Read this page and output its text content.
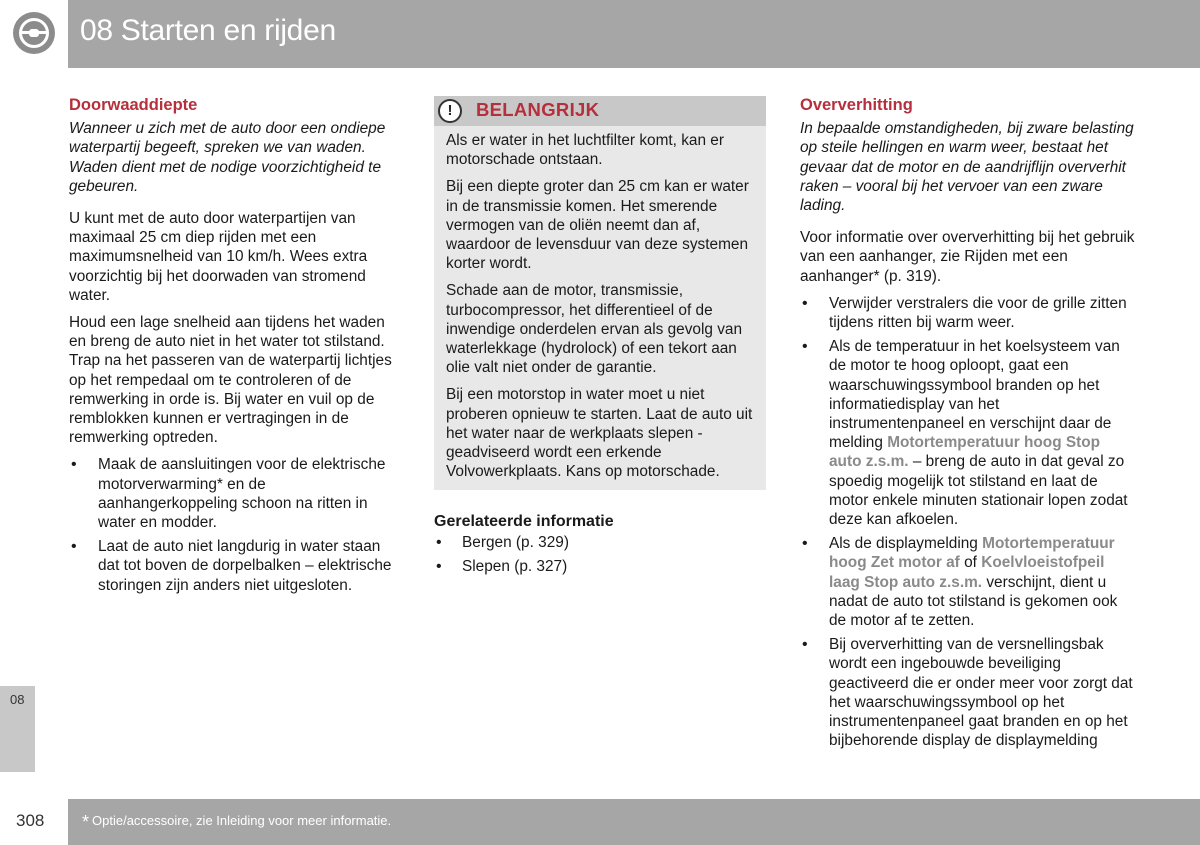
08 Starten en rijden
Doorwaaddiepte

Wanneer u zich met de auto door een ondiepe waterpartij begeeft, spreken we van waden. Waden dient met de nodige voorzichtigheid te gebeuren.

U kunt met de auto door waterpartijen van maximaal 25 cm diep rijden met een maximumsnelheid van 10 km/h. Wees extra voorzichtig bij het doorwaden van stromend water.

Houd een lage snelheid aan tijdens het waden en breng de auto niet in het water tot stilstand. Trap na het passeren van de waterpartij lichtjes op het rempedaal om te controleren of de remwerking in orde is. Bij water en vuil op de remblokken kunnen er vertragingen in de remwerking optreden.

• Maak de aansluitingen voor de elektrische motorverwarming* en de aanhangerkoppeling schoon na ritten in water en modder.
• Laat de auto niet langdurig in water staan dat tot boven de dorpelbalken – elektrische storingen zijn anders niet uitgesloten.
!	BELANGRIJK

Als er water in het luchtfilter komt, kan er motorschade ontstaan.

Bij een diepte groter dan 25 cm kan er water in de transmissie komen. Het smerende vermogen van de oliën neemt dan af, waardoor de levensduur van deze systemen korter wordt.

Schade aan de motor, transmissie, turbocompressor, het differentieel of de inwendige onderdelen ervan als gevolg van waterlekkage (hydrolock) of een tekort aan olie valt niet onder de garantie.

Bij een motorstop in water moet u niet proberen opnieuw te starten. Laat de auto uit het water naar de werkplaats slepen - geadviseerd wordt een erkende Volvowerkplaats. Kans op motorschade.

Gerelateerde informatie
• Bergen (p. 329)
• Slepen (p. 327)
Oververhitting

In bepaalde omstandigheden, bij zware belasting op steile hellingen en warm weer, bestaat het gevaar dat de motor en de aandrijflijn oververhit raken – vooral bij het vervoer van een zware lading.

Voor informatie over oververhitting bij het gebruik van een aanhanger, zie Rijden met een aanhanger* (p. 319).

• Verwijder verstralers die voor de grille zitten tijdens ritten bij warm weer.
• Als de temperatuur in het koelsysteem van de motor te hoog oploopt, gaat een waarschuwingssymbool branden op het informatiedisplay van het instrumentenpaneel en verschijnt daar de melding Motortemperatuur hoog Stop auto z.s.m. – breng de auto in dat geval zo spoedig mogelijk tot stilstand en laat de motor enkele minuten stationair lopen zodat deze kan afkoelen.
• Als de displaymelding Motortemperatuur hoog Zet motor af of Koelvloeistofpeil laag Stop auto z.s.m. verschijnt, dient u nadat de auto tot stilstand is gekomen ook de motor af te zetten.
• Bij oververhitting van de versnellingsbak wordt een ingebouwde beveiliging geactiveerd die er onder meer voor zorgt dat het waarschuwingssymbool op het instrumentenpaneel gaat branden en op het bijbehorende display de displaymelding
08
308 * Optie/accessoire, zie Inleiding voor meer informatie.
